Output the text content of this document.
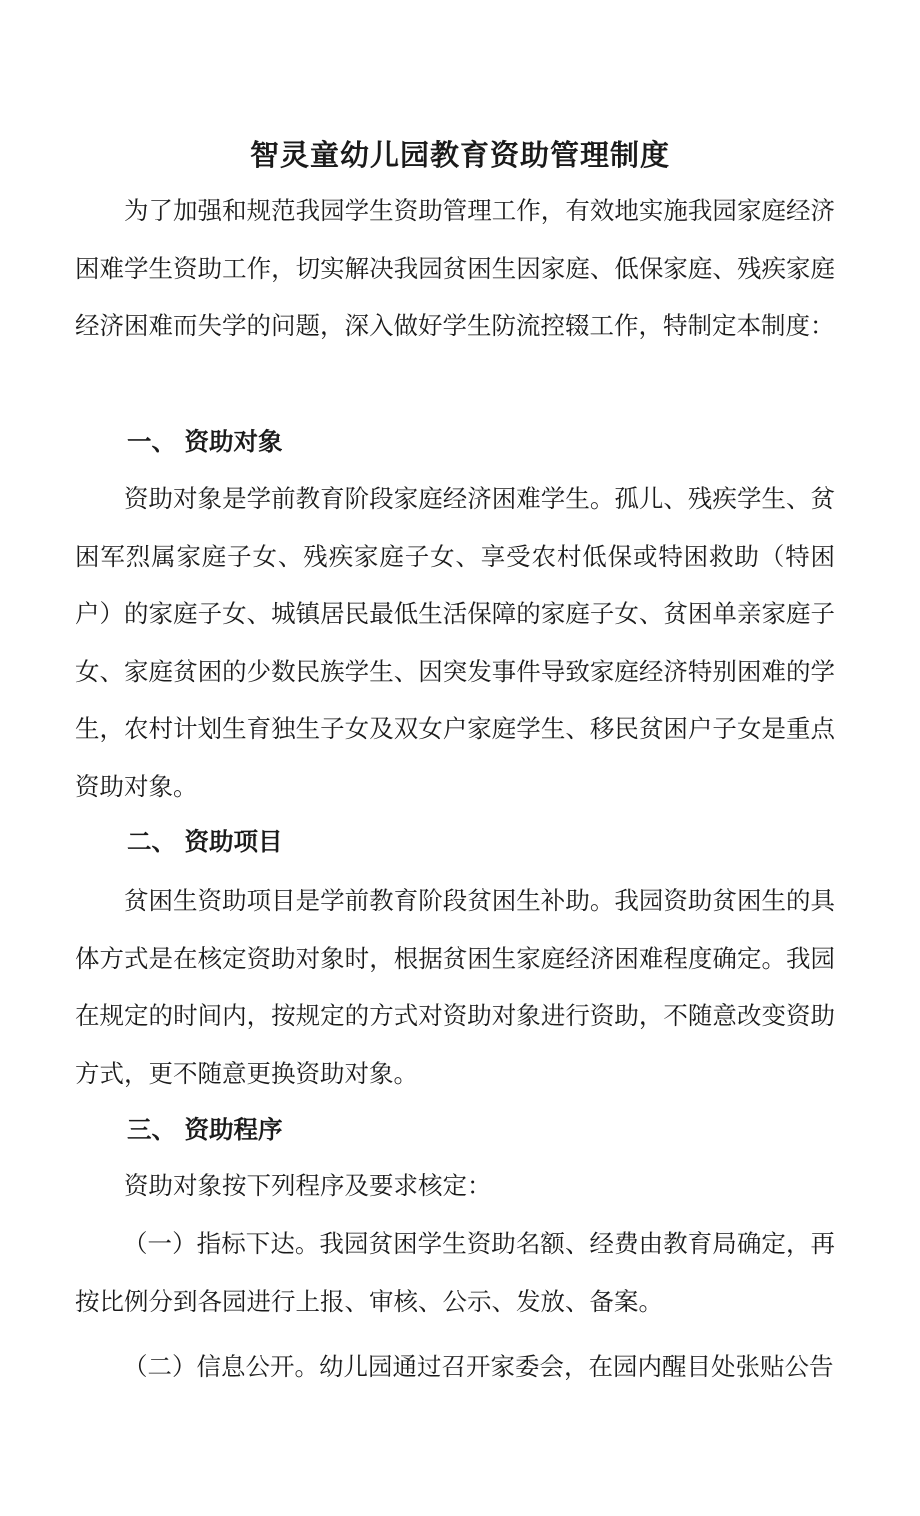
智灵童幼儿园教育资助管理制度

为了加强和规范我园学生资助管理工作，有效地实施我园家庭经济困难学生资助工作，切实解决我园贫困生因家庭、低保家庭、残疾家庭经济困难而失学的问题，深入做好学生防流控辍工作，特制定本制度：

一、 资助对象

资助对象是学前教育阶段家庭经济困难学生。孤儿、残疾学生、贫困军烈属家庭子女、残疾家庭子女、享受农村低保或特困救助（特困户）的家庭子女、城镇居民最低生活保障的家庭子女、贫困单亲家庭子女、家庭贫困的少数民族学生、因突发事件导致家庭经济特别困难的学生，农村计划生育独生子女及双女户家庭学生、移民贫困户子女是重点资助对象。

二、 资助项目

贫困生资助项目是学前教育阶段贫困生补助。我园资助贫困生的具体方式是在核定资助对象时，根据贫困生家庭经济困难程度确定。我园在规定的时间内，按规定的方式对资助对象进行资助，不随意改变资助方式，更不随意更换资助对象。

三、 资助程序

资助对象按下列程序及要求核定：

（一）指标下达。我园贫困学生资助名额、经费由教育局确定，再按比例分到各园进行上报、审核、公示、发放、备案。

（二）信息公开。幼儿园通过召开家委会，在园内醒目处张贴公告
